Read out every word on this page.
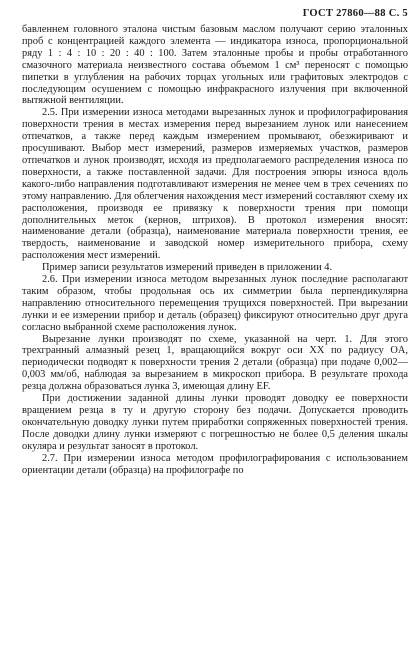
ГОСТ 27860—88 С. 5

бавленнем головного эталона чистым базовым маслом получают серию эталонных проб с концентрацией каждого элемента — индикатора износа, пропорциональной ряду 1 : 4 : 10 : 20 : 40 : 100. Затем эталонные пробы и пробы отработанного смазочного материала неизвестного состава объемом 1 см³ переносят с помощью пипетки в углубления на рабочих торцах угольных или графитовых электродов с последующим осушением с помощью инфракрасного излучения при включенной вытяжной вентиляции.

2.5. При измерении износа методами вырезанных лунок и профилографирования поверхности трения в местах измерения перед вырезанием лунок или нанесением отпечатков, а также перед каждым измерением промывают, обезжиривают и просушивают. Выбор мест измерений, размеров измеряемых участков, размеров отпечатков и лунок производят, исходя из предполагаемого распределения износа по поверхности, а также поставленной задачи. Для построения эпюры износа вдоль какого-либо направления подготавливают измерения не менее чем в трех сечениях по этому направлению. Для облегчения нахождения мест измерений составляют схему их расположения, производя ее привязку к поверхности трения при помощи дополнительных меток (кернов, штрихов). В протокол измерения вносят: наименование детали (образца), наименование материала поверхности трения, ее твердость, наименование и заводской номер измерительного прибора, схему расположения мест измерений.

Пример записи результатов измерений приведен в приложении 4.

2.6. При измерении износа методом вырезанных лунок последние располагают таким образом, чтобы продольная ось их симметрии была перпендикулярна направлению относительного перемещения трущихся поверхностей. При вырезании лунки и ее измерении прибор и деталь (образец) фиксируют относительно друг друга согласно выбранной схеме расположения лунок.

Вырезание лунки производят по схеме, указанной на черт. 1. Для этого трехгранный алмазный резец 1, вращающийся вокруг оси XX по радиусу OA, периодически подводят к поверхности трения 2 детали (образца) при подаче 0,002—0,003 мм/об, наблюдая за вырезанием в микроскоп прибора. В результате прохода резца должна образоваться лунка 3, имеющая длину EF.

При достижении заданной длины лунки проводят доводку ее поверхности вращением резца в ту и другую сторону без подачи. Допускается проводить окончательную доводку лунки путем приработки сопряженных поверхностей трения. После доводки длину лунки измеряют с погрешностью не более 0,5 деления шкалы окуляра и результат заносят в протокол.

2.7. При измерении износа методом профилографирования с использованием ориентации детали (образца) на профилографе по
